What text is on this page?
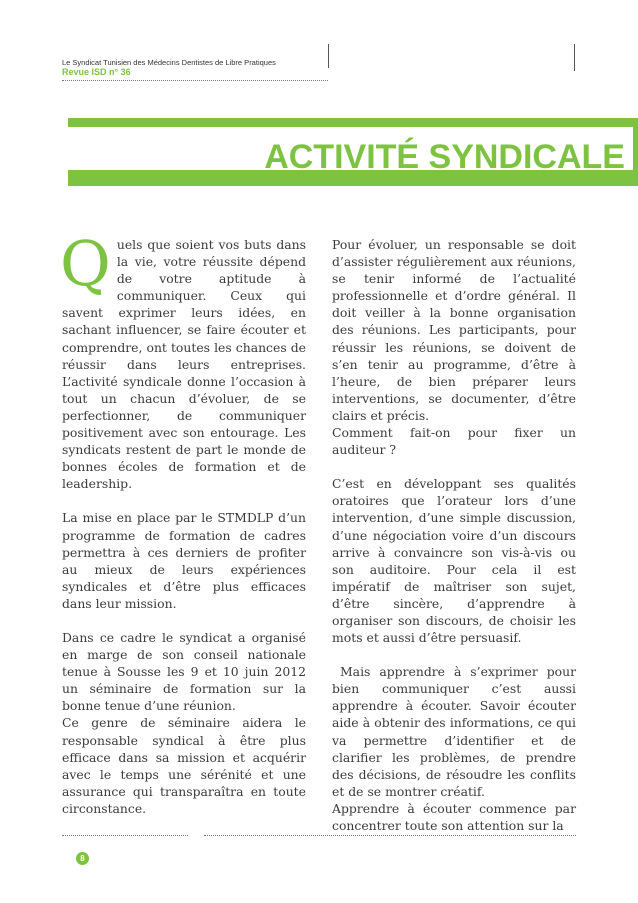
Le Syndicat Tunisien des Médecins Dentistes de Libre Pratiques
Revue ISD n° 36
ACTIVITÉ SYNDICALE

Quels que soient vos buts dans la vie, votre réussite dépend de votre aptitude à communiquer. Ceux qui savent exprimer leurs idées, en sachant influencer, se faire écouter et comprendre, ont toutes les chances de réussir dans leurs entreprises. L’activité syndicale donne l’occasion à tout un chacun d’évoluer, de se perfectionner, de communiquer positivement avec son entourage. Les syndicats restent de part le monde de bonnes écoles de formation et de leadership.

La mise en place par le STMDLP d’un programme de formation de cadres permettra à ces derniers de profiter au mieux de leurs expériences syndicales et d’être plus efficaces dans leur mission.

Dans ce cadre le syndicat a organisé en marge de son conseil nationale tenue à Sousse les 9 et 10 juin 2012 un séminaire de formation sur la bonne tenue d’une réunion.

Ce genre de séminaire aidera le responsable syndical à être plus efficace dans sa mission et acquérir avec le temps une sérénité et une assurance qui transparaîtra en toute circonstance.

Pour évoluer, un responsable se doit d’assister régulièrement aux réunions, se tenir informé de l’actualité professionnelle et d’ordre général. Il doit veiller à la bonne organisation des réunions. Les participants, pour réussir les réunions, se doivent de s’en tenir au programme, d’être à l’heure, de bien préparer leurs interventions, se documenter, d’être clairs et précis.

Comment fait-on pour fixer un auditeur ?

C’est en développant ses qualités oratoires que l’orateur lors d’une intervention, d’une simple discussion, d’une négociation voire d’un discours arrive à convaincre son vis-à-vis ou son auditoire. Pour cela il est impératif de maîtriser son sujet, d’être sincère, d’apprendre à organiser son discours, de choisir les mots et aussi d’être persuasif.

Mais apprendre à s’exprimer pour bien communiquer c’est aussi apprendre à écouter. Savoir écouter aide à obtenir des informations, ce qui va permettre d’identifier et de clarifier les problèmes, de prendre des décisions, de résoudre les conflits et de se montrer créatif.

Apprendre à écouter commence par concentrer toute son attention sur la

8
